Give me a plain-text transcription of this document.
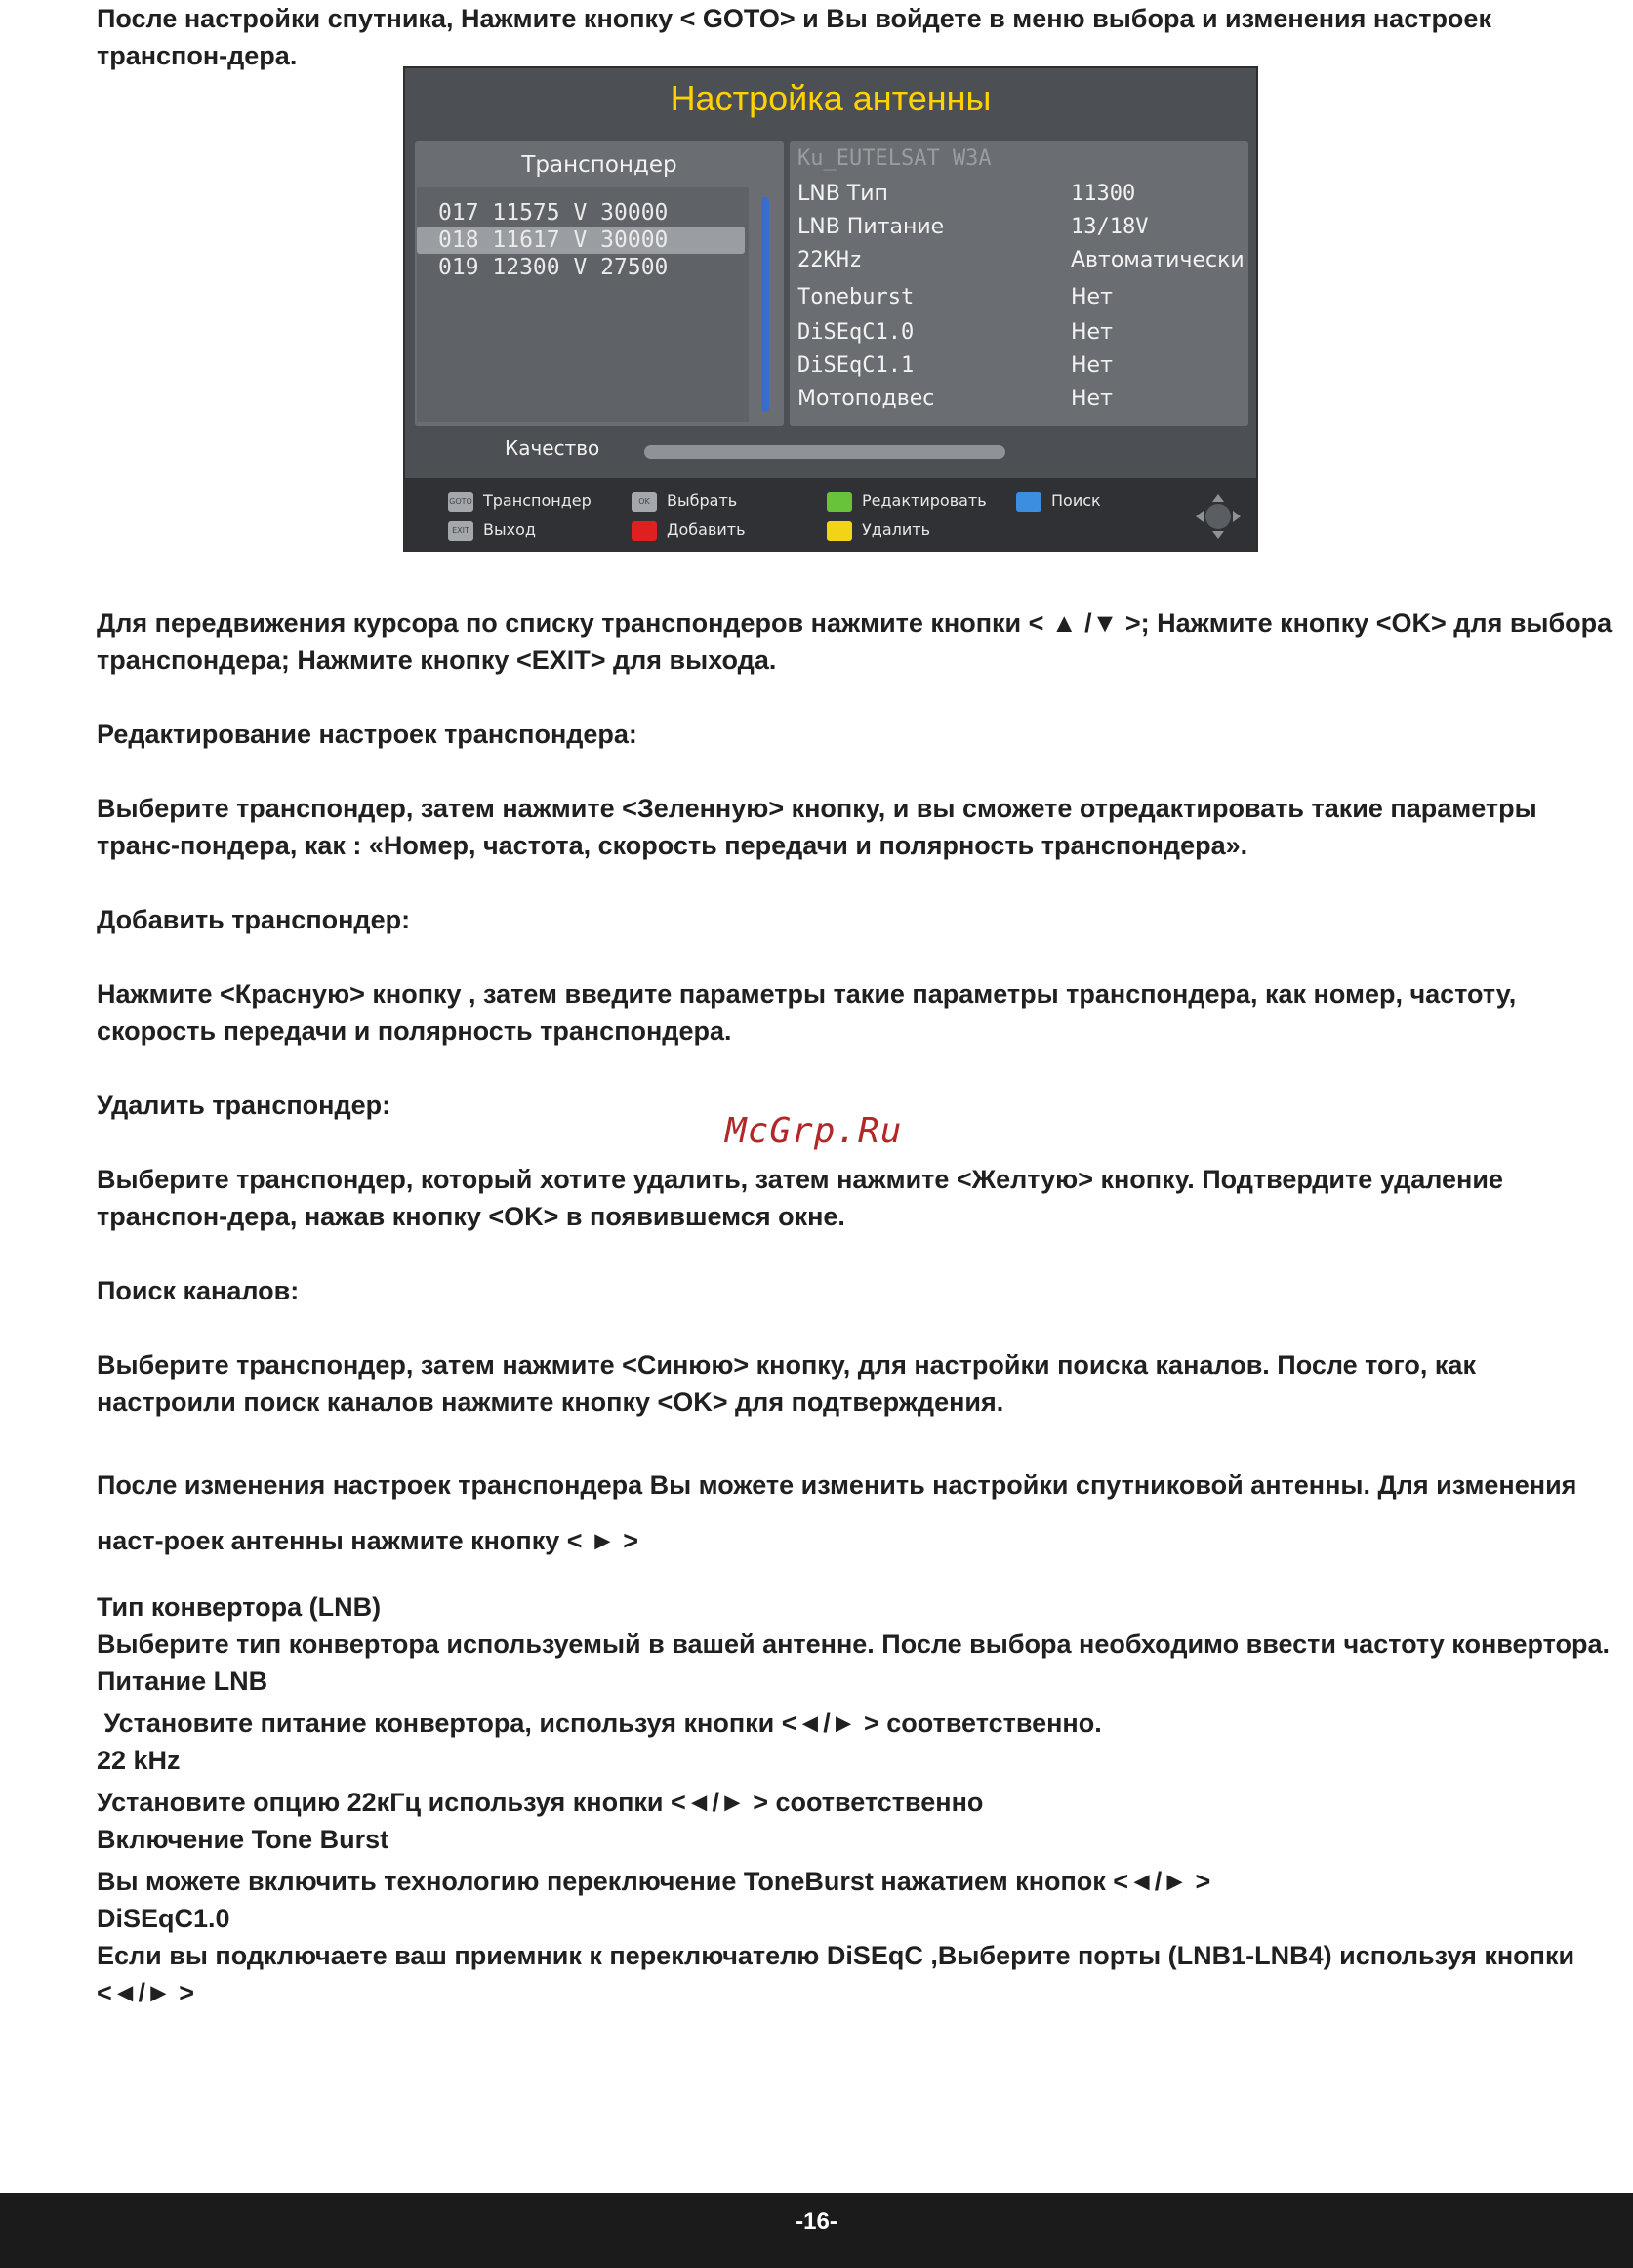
После настройки спутника, Нажмите кнопку < GOTO> и Вы войдете в меню выбора и изменения настроек транспон-дера.

Настройка антенны
Транспондер
017 11575 V 30000
018 11617 V 30000
019 12300 V 27500
Ku_EUTELSAT W3A
LNB Тип	11300
LNB Питание	13/18V
22KHz	Автоматически
Toneburst	Нет
DiSEqC1.0	Нет
DiSEqC1.1	Нет
Мотоподвес	Нет
Качество
GOTO Транспондер
EXIT Выход
OK Выбрать
Добавить
Редактировать
Удалить
Поиск

Для передвижения курсора по списку транспондеров нажмите кнопки < ▲ /▼ >; Нажмите кнопку <OK> для выбора транспондера; Нажмите кнопку <EXIT> для выхода.

Редактирование настроек транспондера:

Выберите транспондер, затем нажмите <Зеленную> кнопку, и вы сможете отредактировать такие параметры транс-пондера, как : «Номер, частота, скорость передачи и полярность транспондера».

Добавить транспондер:

Нажмите <Красную> кнопку , затем введите параметры такие параметры транспондера, как номер, частоту, скорость передачи и полярность транспондера.

Удалить транспондер:

Выберите транспондер, который хотите удалить, затем нажмите <Желтую> кнопку. Подтвердите удаление транспон-дера, нажав кнопку <OK> в появившемся окне.

Поиск каналов:

Выберите транспондер, затем нажмите <Синюю> кнопку, для настройки поиска каналов. После того, как настроили поиск каналов нажмите кнопку <OK> для подтверждения.

После изменения настроек транспондера Вы можете изменить настройки спутниковой антенны. Для изменения наст-роек антенны нажмите кнопку < ► >

Тип конвертора (LNB)

Выберите тип конвертора используемый в вашей антенне. После выбора необходимо ввести частоту конвертора.

Питание LNB

Установите питание конвертора, используя кнопки <◄/► > соответственно.

22 kHz

Установите опцию 22кГц используя кнопки <◄/► > соответственно

Включение Tone Burst

Вы можете включить технологию переключение ToneBurst нажатием кнопок <◄/► >

DiSEqC1.0

Если вы подключаете ваш приемник к переключателю DiSEqC ,Выберите порты (LNB1-LNB4) используя кнопки <◄/► >

McGrp.Ru
-16-
